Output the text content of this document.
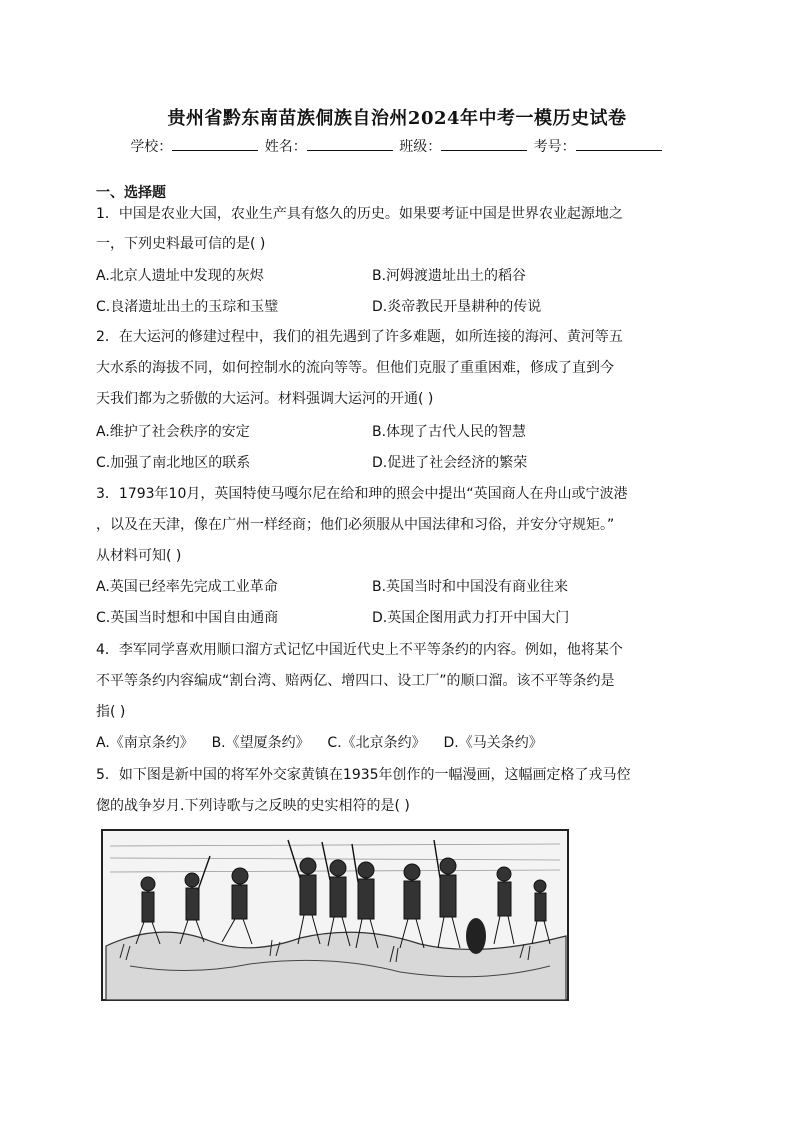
贵州省黔东南苗族侗族自治州2024年中考一模历史试卷
学校：	姓名：	班级：	考号：
一、选择题
1．中国是农业大国，农业生产具有悠久的历史。如果要考证中国是世界农业起源地之
一，下列史料最可信的是( )
A.北京人遗址中发现的灰烬	B.河姆渡遗址出土的稻谷
C.良渚遗址出土的玉琮和玉璧	D.炎帝教民开垦耕种的传说
2．在大运河的修建过程中，我们的祖先遇到了许多难题，如所连接的海河、黄河等五
大水系的海拔不同，如何控制水的流向等等。但他们克服了重重困难，修成了直到今
天我们都为之骄傲的大运河。材料强调大运河的开通( )
A.维护了社会秩序的安定	B.体现了古代人民的智慧
C.加强了南北地区的联系	D.促进了社会经济的繁荣
3．1793年10月，英国特使马嘎尔尼在给和珅的照会中提出“英国商人在舟山或宁波港
，以及在天津，像在广州一样经商；他们必须服从中国法律和习俗，并安分守规矩。”
从材料可知( )
A.英国已经率先完成工业革命	B.英国当时和中国没有商业往来
C.英国当时想和中国自由通商	D.英国企图用武力打开中国大门
4．李军同学喜欢用顺口溜方式记忆中国近代史上不平等条约的内容。例如，他将某个
不平等条约内容编成“割台湾、赔两亿、增四口、设工厂”的顺口溜。该不平等条约是
指( )
A.《南京条约》    B.《望厦条约》    C.《北京条约》    D.《马关条约》
5．如下图是新中国的将军外交家黄镇在1935年创作的一幅漫画，这幅画定格了戎马倥
偬的战争岁月.下列诗歌与之反映的史实相符的是( )
